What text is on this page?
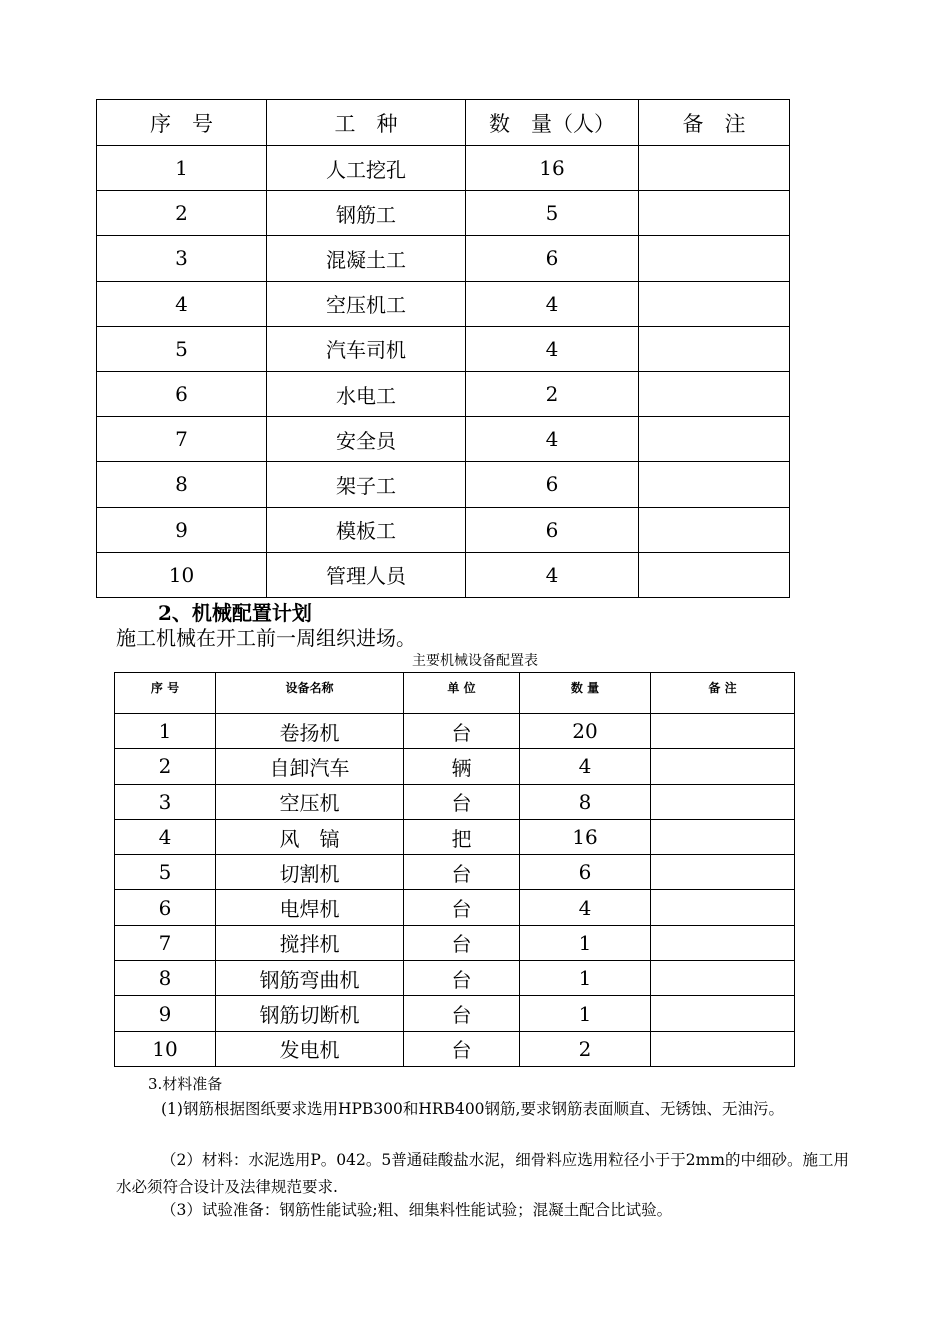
序　号	工　种	数　量（人）	备　注
1	人工挖孔	16	
2	钢筋工	5	
3	混凝土工	6	
4	空压机工	4	
5	汽车司机	4	
6	水电工	2	
7	安全员	4	
8	架子工	6	
9	模板工	6	
10	管理人员	4	
2、机械配置计划
施工机械在开工前一周组织进场。
主要机械设备配置表
序 号	设备名称	单 位	数 量	备 注
1	卷扬机	台	20	
2	自卸汽车	辆	4	
3	空压机	台	8	
4	风　镐	把	16	
5	切割机	台	6	
6	电焊机	台	4	
7	搅拌机	台	1	
8	钢筋弯曲机	台	1	
9	钢筋切断机	台	1	
10	发电机	台	2	
3.材料准备
(1)钢筋根据图纸要求选用HPB300和HRB400钢筋,要求钢筋表面顺直、无锈蚀、无油污。
（2）材料：水泥选用P。042。5普通硅酸盐水泥，细骨料应选用粒径小于于2mm的中细砂。施工用水必须符合设计及法律规范要求.
（3）试验准备：钢筋性能试验;粗、细集料性能试验；混凝土配合比试验。
